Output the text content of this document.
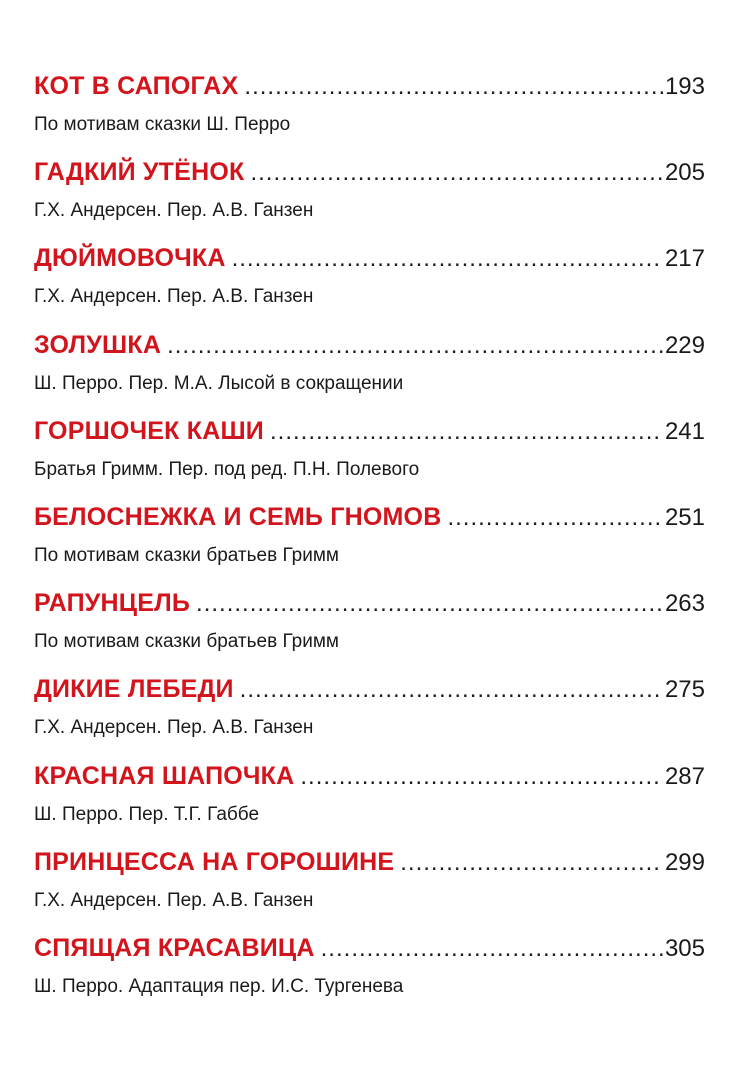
КОТ В САПОГАХ .....	193
По мотивам сказки Ш. Перро
ГАДКИЙ УТЁНОК .....	205
Г.Х. Андерсен. Пер. А.В. Ганзен
ДЮЙМОВОЧКА .....	217
Г.Х. Андерсен. Пер. А.В. Ганзен
ЗОЛУШКА .....	229
Ш. Перро. Пер. М.А. Лысой в сокращении
ГОРШОЧЕК КАШИ .....	241
Братья Гримм. Пер. под ред. П.Н. Полевого
БЕЛОСНЕЖКА И СЕМЬ ГНОМОВ .....	251
По мотивам сказки братьев Гримм
РАПУНЦЕЛЬ .....	263
По мотивам сказки братьев Гримм
ДИКИЕ ЛЕБЕДИ .....	275
Г.Х. Андерсен. Пер. А.В. Ганзен
КРАСНАЯ ШАПОЧКА .....	287
Ш. Перро. Пер. Т.Г. Габбе
ПРИНЦЕССА НА ГОРОШИНЕ .....	299
Г.Х. Андерсен. Пер. А.В. Ганзен
СПЯЩАЯ КРАСАВИЦА .....	305
Ш. Перро. Адаптация пер. И.С. Тургенева
